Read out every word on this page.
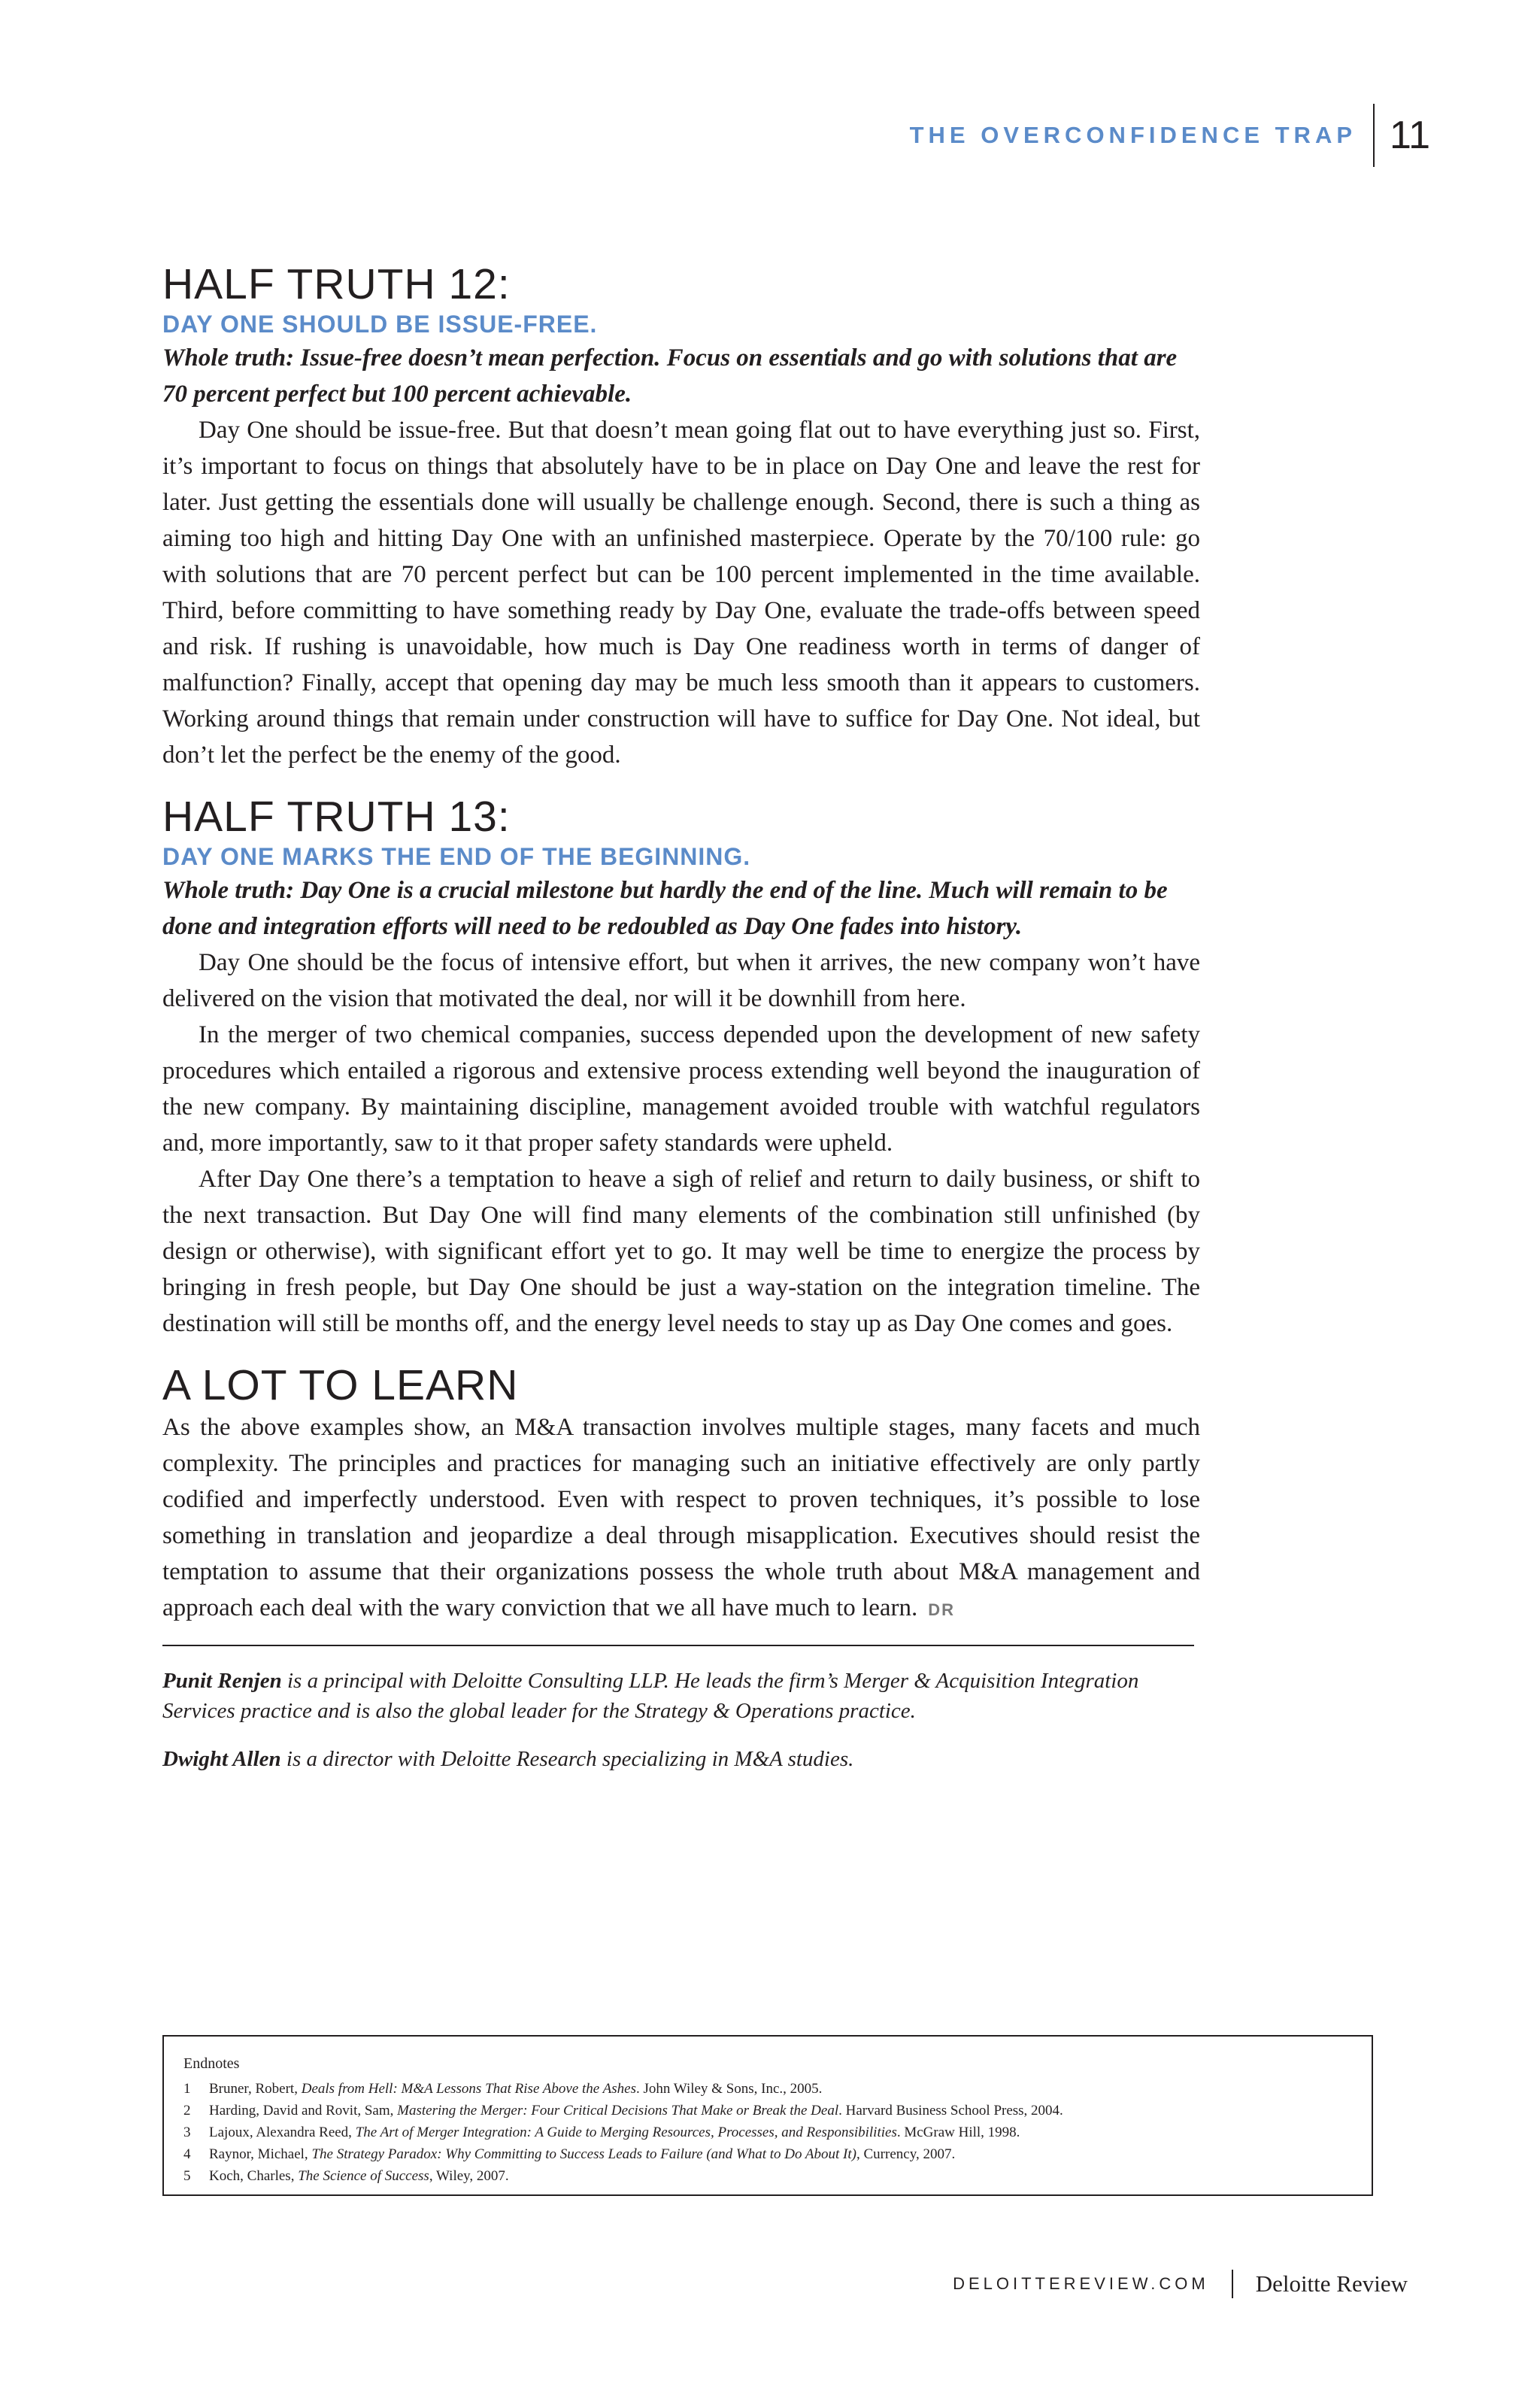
THE OVERCONFIDENCE TRAP 11
HALF TRUTH 12:
DAY ONE SHOULD BE ISSUE-FREE.

Whole truth: Issue-free doesn’t mean perfection. Focus on essentials and go with solutions that are 70 percent perfect but 100 percent achievable.

Day One should be issue-free. But that doesn’t mean going flat out to have everything just so. First, it’s important to focus on things that absolutely have to be in place on Day One and leave the rest for later. Just getting the essentials done will usually be challenge enough. Second, there is such a thing as aiming too high and hitting Day One with an unfinished masterpiece. Operate by the 70/100 rule: go with solutions that are 70 percent perfect but can be 100 percent implemented in the time available. Third, before committing to have something ready by Day One, evaluate the trade-offs between speed and risk. If rushing is unavoidable, how much is Day One readiness worth in terms of danger of malfunction? Finally, accept that opening day may be much less smooth than it appears to customers. Working around things that remain under construction will have to suffice for Day One. Not ideal, but don’t let the perfect be the enemy of the good.

HALF TRUTH 13:
DAY ONE MARKS THE END OF THE BEGINNING.

Whole truth: Day One is a crucial milestone but hardly the end of the line. Much will remain to be done and integration efforts will need to be redoubled as Day One fades into history.

Day One should be the focus of intensive effort, but when it arrives, the new company won’t have delivered on the vision that motivated the deal, nor will it be downhill from here.

In the merger of two chemical companies, success depended upon the development of new safety procedures which entailed a rigorous and extensive process extending well beyond the inauguration of the new company. By maintaining discipline, management avoided trouble with watchful regulators and, more importantly, saw to it that proper safety standards were upheld.

After Day One there’s a temptation to heave a sigh of relief and return to daily business, or shift to the next transaction. But Day One will find many elements of the combination still unfinished (by design or otherwise), with significant effort yet to go. It may well be time to energize the process by bringing in fresh people, but Day One should be just a way-station on the integration timeline. The destination will still be months off, and the energy level needs to stay up as Day One comes and goes.

A LOT TO LEARN

As the above examples show, an M&A transaction involves multiple stages, many facets and much complexity. The principles and practices for managing such an initiative effectively are only partly codified and imperfectly understood. Even with respect to proven techniques, it’s possible to lose something in translation and jeopardize a deal through misapplication. Executives should resist the temptation to assume that their organizations possess the whole truth about M&A management and approach each deal with the wary conviction that we all have much to learn. DR

Punit Renjen is a principal with Deloitte Consulting LLP. He leads the firm’s Merger & Acquisition Integration Services practice and is also the global leader for the Strategy & Operations practice.

Dwight Allen is a director with Deloitte Research specializing in M&A studies.

Endnotes
1	Bruner, Robert, Deals from Hell: M&A Lessons That Rise Above the Ashes. John Wiley & Sons, Inc., 2005.
2	Harding, David and Rovit, Sam, Mastering the Merger: Four Critical Decisions That Make or Break the Deal. Harvard Business School Press, 2004.
3	Lajoux, Alexandra Reed, The Art of Merger Integration: A Guide to Merging Resources, Processes, and Responsibilities. McGraw Hill, 1998.
4	Raynor, Michael, The Strategy Paradox: Why Committing to Success Leads to Failure (and What to Do About It), Currency, 2007.
5	Koch, Charles, The Science of Success, Wiley, 2007.
DELOITTEREVIEW.COM Deloitte Review
